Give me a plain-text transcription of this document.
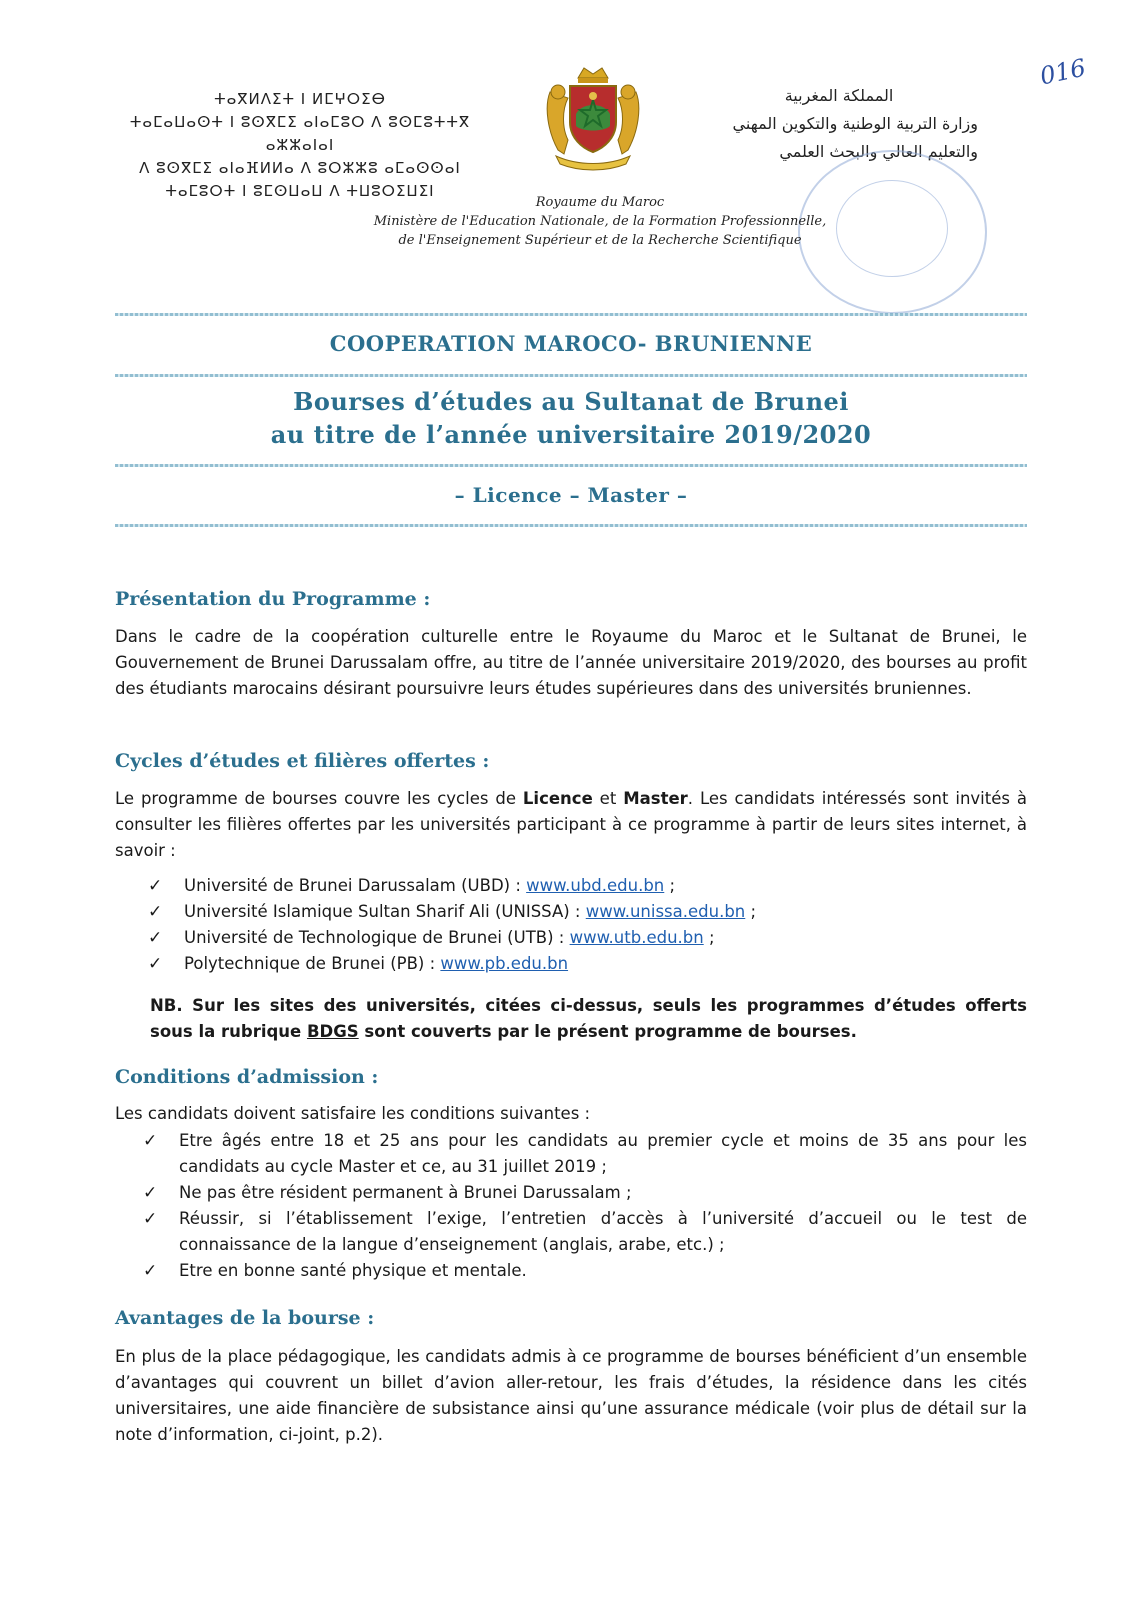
ⵜⴰⴳⵍⴷⵉⵜ ⵏ ⵍⵎⵖⵔⵉⴱ
ⵜⴰⵎⴰⵡⴰⵙⵜ ⵏ ⵓⵙⴳⵎⵉ ⴰⵏⴰⵎⵓⵔ ⴷ ⵓⵙⵎⵓⵜⵜⴳ ⴰⵣⵣⴰⵏⴰⵏ
ⴷ ⵓⵙⴳⵎⵉ ⴰⵏⴰⴼⵍⵍⴰ ⴷ ⵓⵔⵣⵣⵓ ⴰⵎⴰⵙⵙⴰⵏ
ⵜⴰⵎⵓⵔⵜ ⵏ ⵓⵎⵙⵡⴰⵡ ⴷ ⵜⵡⵓⵔⵉⵡⵉⵏ
المملكة المغربية
وزارة التربية الوطنية والتكوين المهني
والتعليم العالي والبحث العلمي
016
Royaume du Maroc
Ministère de l'Education Nationale, de la Formation Professionnelle,
de l'Enseignement Supérieur et de la Recherche Scientifique
COOPERATION MAROCO- BRUNIENNE
Bourses d’études au Sultanat de Brunei
au titre de l’année universitaire 2019/2020
– Licence – Master –
Présentation du Programme :
Dans le cadre de la coopération culturelle entre le Royaume du Maroc et le Sultanat de Brunei, le Gouvernement de Brunei Darussalam offre, au titre de l’année universitaire 2019/2020, des bourses au profit des étudiants marocains désirant poursuivre leurs études supérieures dans des universités bruniennes.
Cycles d’études et filières offertes :
Le programme de bourses couvre les cycles de Licence et Master. Les candidats intéressés sont invités à consulter les filières offertes par les universités participant à ce programme à partir de leurs sites internet, à savoir :
✓ Université de Brunei Darussalam (UBD) : www.ubd.edu.bn ;
✓ Université Islamique Sultan Sharif Ali (UNISSA) : www.unissa.edu.bn ;
✓ Université de Technologique de Brunei (UTB) : www.utb.edu.bn ;
✓ Polytechnique de Brunei (PB) : www.pb.edu.bn
NB. Sur les sites des universités, citées ci-dessus, seuls les programmes d’études offerts sous la rubrique BDGS sont couverts par le présent programme de bourses.
Conditions d’admission :
Les candidats doivent satisfaire les conditions suivantes :
✓ Etre âgés entre 18 et 25 ans pour les candidats au premier cycle et moins de 35 ans pour les candidats au cycle Master et ce, au 31 juillet 2019 ;
✓ Ne pas être résident permanent à Brunei Darussalam ;
✓ Réussir, si l’établissement l’exige, l’entretien d’accès à l’université d’accueil ou le test de connaissance de la langue d’enseignement (anglais, arabe, etc.) ;
✓ Etre en bonne santé physique et mentale.
Avantages de la bourse :
En plus de la place pédagogique, les candidats admis à ce programme de bourses bénéficient d’un ensemble d’avantages qui couvrent un billet d’avion aller-retour, les frais d’études, la résidence dans les cités universitaires, une aide financière de subsistance ainsi qu’une assurance médicale (voir plus de détail sur la note d’information, ci-joint, p.2).
